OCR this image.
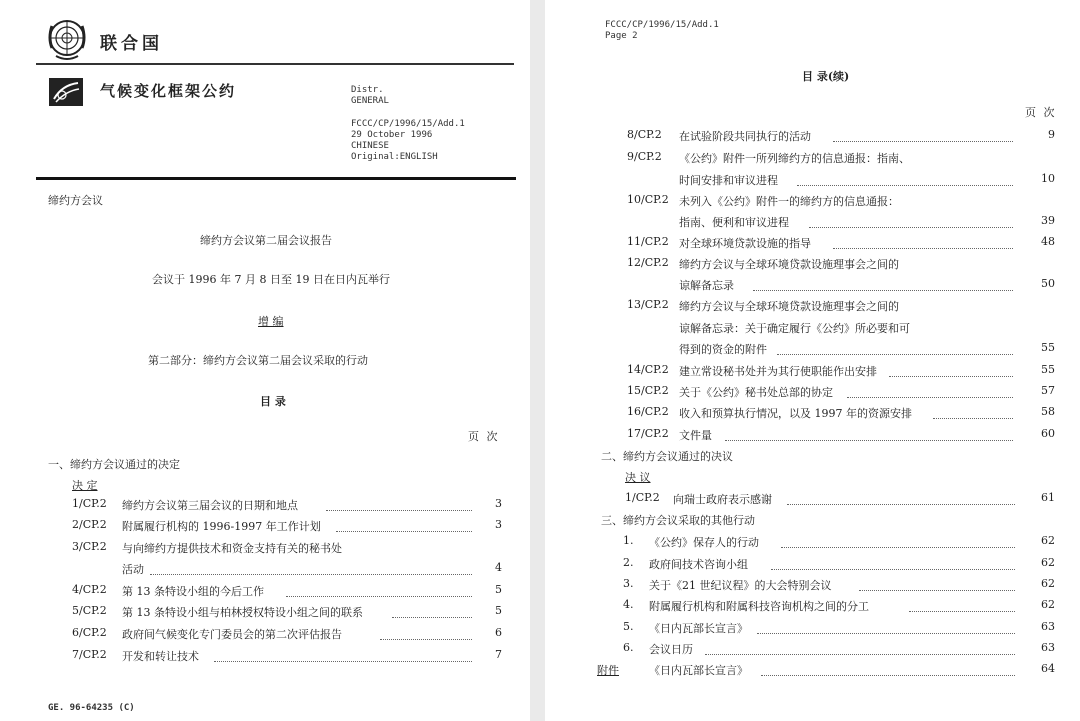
联合国
气候变化框架公约	Distr.
GENERAL
FCCC/CP/1996/15/Add.1
29 October 1996
CHINESE
Original:ENGLISH
缔约方会议
缔约方会议第二届会议报告
会议于 1996 年 7 月 8 日至 19 日在日内瓦举行
增 编
第二部分：缔约方会议第二届会议采取的行动
目 录
页 次
一、缔约方会议通过的决定
决 定
1/CP.2 缔约方会议第三届会议的日期和地点	3
2/CP.2 附属履行机构的 1996-1997 年工作计划	3
3/CP.2 与向缔约方提供技术和资金支持有关的秘书处
活动	4
4/CP.2 第 13 条特设小组的今后工作	5
5/CP.2 第 13 条特设小组与柏林授权特设小组之间的联系	5
6/CP.2 政府间气候变化专门委员会的第二次评估报告	6
7/CP.2 开发和转让技术	7
GE. 96-64235 (C)
FCCC/CP/1996/15/Add.1
Page 2
目 录(续)
页 次
8/CP.2 在试验阶段共同执行的活动	9
9/CP.2 《公约》附件一所列缔约方的信息通报：指南、
时间安排和审议进程	10
10/CP.2 未列入《公约》附件一的缔约方的信息通报：
指南、便利和审议进程	39
11/CP.2 对全球环境贷款设施的指导	48
12/CP.2 缔约方会议与全球环境贷款设施理事会之间的
谅解备忘录	50
13/CP.2 缔约方会议与全球环境贷款设施理事会之间的
谅解备忘录：关于确定履行《公约》所必要和可
得到的资金的附件	55
14/CP.2 建立常设秘书处并为其行使职能作出安排	55
15/CP.2 关于《公约》秘书处总部的协定	57
16/CP.2 收入和预算执行情况，以及 1997 年的资源安排	58
17/CP.2 文件量	60
二、缔约方会议通过的决议
决 议
1/CP.2 向瑞士政府表示感谢	61
三、缔约方会议采取的其他行动
1. 《公约》保存人的行动	62
2. 政府间技术咨询小组	62
3. 关于《21 世纪议程》的大会特别会议	62
4. 附属履行机构和附属科技咨询机构之间的分工	62
5. 《日内瓦部长宣言》	63
6. 会议日历	63
附件	《日内瓦部长宣言》	64
